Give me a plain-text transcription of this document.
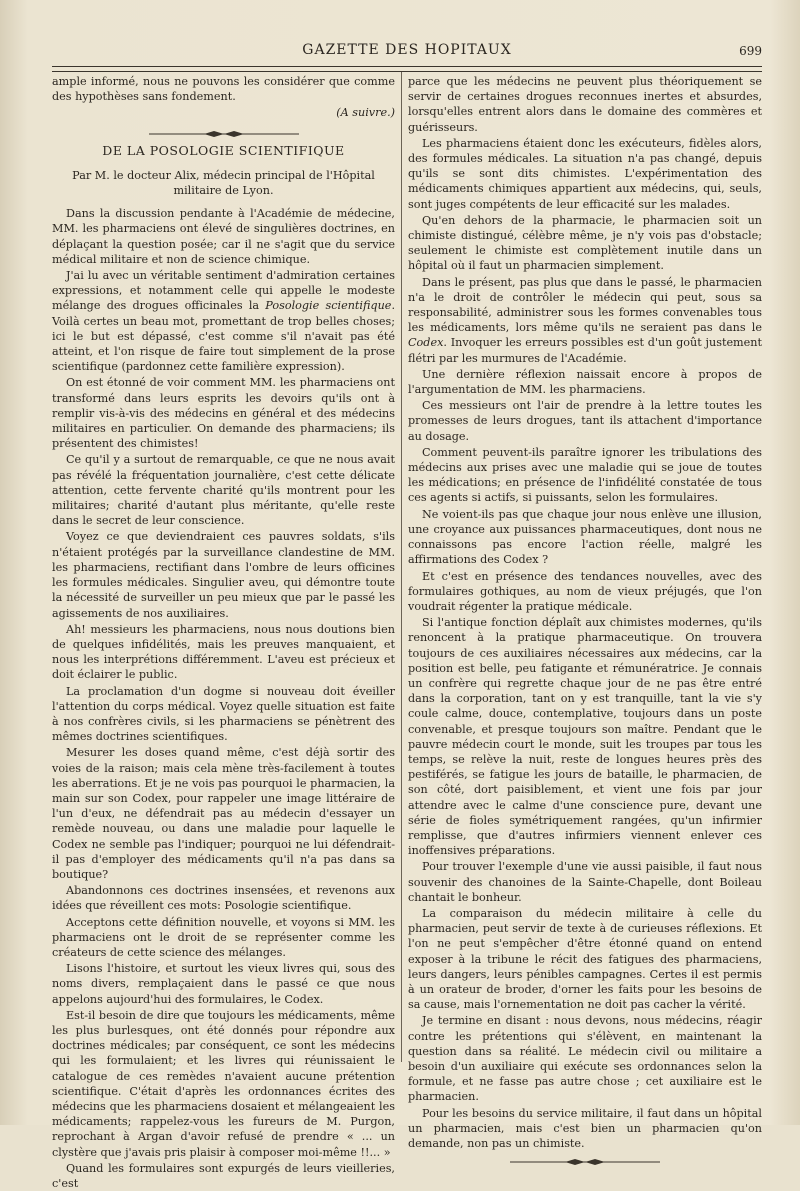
GAZETTE DES HOPITAUX	699

ample informé, nous ne pouvons les considérer que comme des hypothèses sans fondement.

(A suivre.)

DE LA POSOLOGIE SCIENTIFIQUE

Par M. le docteur Alix, médecin principal de l'Hôpital militaire de Lyon.

Dans la discussion pendante à l'Académie de médecine, MM. les pharmaciens ont élevé de singulières doctrines, en déplaçant la question posée; car il ne s'agit que du service médical militaire et non de science chimique.

J'ai lu avec un véritable sentiment d'admiration certaines expressions, et notamment celle qui appelle le modeste mélange des drogues officinales la Posologie scientifique. Voilà certes un beau mot, promettant de trop belles choses; ici le but est dépassé, c'est comme s'il n'avait pas été atteint, et l'on risque de faire tout simplement de la prose scientifique (pardonnez cette familière expression).

On est étonné de voir comment MM. les pharmaciens ont transformé dans leurs esprits les devoirs qu'ils ont à remplir vis-à-vis des médecins en général et des médecins militaires en particulier. On demande des pharmaciens; ils présentent des chimistes!

Ce qu'il y a surtout de remarquable, ce que ne nous avait pas révélé la fréquentation journalière, c'est cette délicate attention, cette fervente charité qu'ils montrent pour les militaires; charité d'autant plus méritante, qu'elle reste dans le secret de leur conscience.

Voyez ce que deviendraient ces pauvres soldats, s'ils n'étaient protégés par la surveillance clandestine de MM. les pharmaciens, rectifiant dans l'ombre de leurs officines les formules médicales. Singulier aveu, qui démontre toute la nécessité de surveiller un peu mieux que par le passé les agissements de nos auxiliaires.

Ah! messieurs les pharmaciens, nous nous doutions bien de quelques infidélités, mais les preuves manquaient, et nous les interprétions différemment. L'aveu est précieux et doit éclairer le public.

La proclamation d'un dogme si nouveau doit éveiller l'attention du corps médical. Voyez quelle situation est faite à nos confrères civils, si les pharmaciens se pénètrent des mêmes doctrines scientifiques.

Mesurer les doses quand même, c'est déjà sortir des voies de la raison; mais cela mène très-facilement à toutes les aberrations. Et je ne vois pas pourquoi le pharmacien, la main sur son Codex, pour rappeler une image littéraire de l'un d'eux, ne défendrait pas au médecin d'essayer un remède nouveau, ou dans une maladie pour laquelle le Codex ne semble pas l'indiquer; pourquoi ne lui défendrait-il pas d'employer des médicaments qu'il n'a pas dans sa boutique?

Abandonnons ces doctrines insensées, et revenons aux idées que réveillent ces mots: Posologie scientifique.

Acceptons cette définition nouvelle, et voyons si MM. les pharmaciens ont le droit de se représenter comme les créateurs de cette science des mélanges.

Lisons l'histoire, et surtout les vieux livres qui, sous des noms divers, remplaçaient dans le passé ce que nous appelons aujourd'hui des formulaires, le Codex.

Est-il besoin de dire que toujours les médicaments, même les plus burlesques, ont été donnés pour répondre aux doctrines médicales; par conséquent, ce sont les médecins qui les formulaient; et les livres qui réunissaient le catalogue de ces remèdes n'avaient aucune prétention scientifique. C'était d'après les ordonnances écrites des médecins que les pharmaciens dosaient et mélangeaient les médicaments; rappelez-vous les fureurs de M. Purgon, reprochant à Argan d'avoir refusé de prendre « ... un clystère que j'avais pris plaisir à composer moi-même !!... »

Quand les formulaires sont expurgés de leurs vieilleries, c'est

parce que les médecins ne peuvent plus théoriquement se servir de certaines drogues reconnues inertes et absurdes, lorsqu'elles entrent alors dans le domaine des commères et guérisseurs.

Les pharmaciens étaient donc les exécuteurs, fidèles alors, des formules médicales. La situation n'a pas changé, depuis qu'ils se sont dits chimistes. L'expérimentation des médicaments chimiques appartient aux médecins, qui, seuls, sont juges compétents de leur efficacité sur les malades.

Qu'en dehors de la pharmacie, le pharmacien soit un chimiste distingué, célèbre même, je n'y vois pas d'obstacle; seulement le chimiste est complètement inutile dans un hôpital où il faut un pharmacien simplement.

Dans le présent, pas plus que dans le passé, le pharmacien n'a le droit de contrôler le médecin qui peut, sous sa responsabilité, administrer sous les formes convenables tous les médicaments, lors même qu'ils ne seraient pas dans le Codex. Invoquer les erreurs possibles est d'un goût justement flétri par les murmures de l'Académie.

Une dernière réflexion naissait encore à propos de l'argumentation de MM. les pharmaciens.

Ces messieurs ont l'air de prendre à la lettre toutes les promesses de leurs drogues, tant ils attachent d'importance au dosage.

Comment peuvent-ils paraître ignorer les tribulations des médecins aux prises avec une maladie qui se joue de toutes les médications; en présence de l'infidélité constatée de tous ces agents si actifs, si puissants, selon les formulaires.

Ne voient-ils pas que chaque jour nous enlève une illusion, une croyance aux puissances pharmaceutiques, dont nous ne connaissons pas encore l'action réelle, malgré les affirmations des Codex ?

Et c'est en présence des tendances nouvelles, avec des formulaires gothiques, au nom de vieux préjugés, que l'on voudrait régenter la pratique médicale.

Si l'antique fonction déplaît aux chimistes modernes, qu'ils renoncent à la pratique pharmaceutique. On trouvera toujours de ces auxiliaires nécessaires aux médecins, car la position est belle, peu fatigante et rémunératrice. Je connais un confrère qui regrette chaque jour de ne pas être entré dans la corporation, tant on y est tranquille, tant la vie s'y coule calme, douce, contemplative, toujours dans un poste convenable, et presque toujours son maître. Pendant que le pauvre médecin court le monde, suit les troupes par tous les temps, se relève la nuit, reste de longues heures près des pestiférés, se fatigue les jours de bataille, le pharmacien, de son côté, dort paisiblement, et vient une fois par jour attendre avec le calme d'une conscience pure, devant une série de fioles symétriquement rangées, qu'un infirmier remplisse, que d'autres infirmiers viennent enlever ces inoffensives préparations.

Pour trouver l'exemple d'une vie aussi paisible, il faut nous souvenir des chanoines de la Sainte-Chapelle, dont Boileau chantait le bonheur.

La comparaison du médecin militaire à celle du pharmacien, peut servir de texte à de curieuses réflexions. Et l'on ne peut s'empêcher d'être étonné quand on entend exposer à la tribune le récit des fatigues des pharmaciens, leurs dangers, leurs pénibles campagnes. Certes il est permis à un orateur de broder, d'orner les faits pour les besoins de sa cause, mais l'ornementation ne doit pas cacher la vérité.

Je termine en disant : nous devons, nous médecins, réagir contre les prétentions qui s'élèvent, en maintenant la question dans sa réalité. Le médecin civil ou militaire a besoin d'un auxiliaire qui exécute ses ordonnances selon la formule, et ne fasse pas autre chose ; cet auxiliaire est le pharmacien.

Pour les besoins du service militaire, il faut dans un hôpital un pharmacien, mais c'est bien un pharmacien qu'on demande, non pas un chimiste.
